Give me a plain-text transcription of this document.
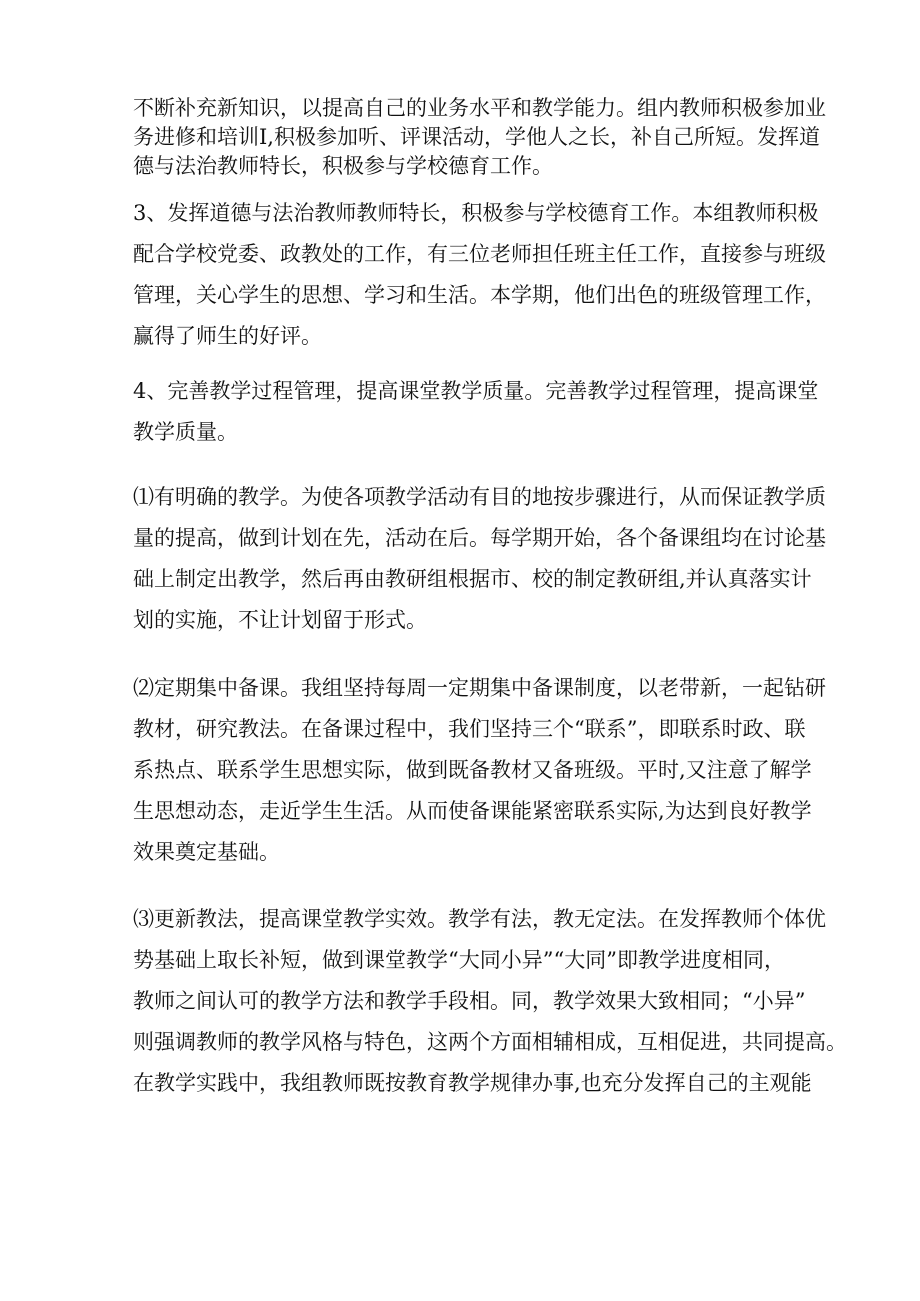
不断补充新知识，以提高自己的业务水平和教学能力。组内教师积极参加业
务进修和培训Ⅰ,积极参加听、评课活动，学他人之长，补自己所短。发挥道
德与法治教师特长，积极参与学校德育工作。
3、发挥道德与法治教师教师特长，积极参与学校德育工作。本组教师积极
配合学校党委、政教处的工作，有三位老师担任班主任工作，直接参与班级
管理，关心学生的思想、学习和生活。本学期，他们出色的班级管理工作，
赢得了师生的好评。
4、完善教学过程管理，提高课堂教学质量。完善教学过程管理，提高课堂
教学质量。
⑴有明确的教学。为使各项教学活动有目的地按步骤进行，从而保证教学质
量的提高，做到计划在先，活动在后。每学期开始，各个备课组均在讨论基
础上制定出教学，然后再由教研组根据市、校的制定教研组,并认真落实计
划的实施，不让计划留于形式。
⑵定期集中备课。我组坚持每周一定期集中备课制度，以老带新，一起钻研
教材，研究教法。在备课过程中，我们坚持三个“联系”，即联系时政、联
系热点、联系学生思想实际，做到既备教材又备班级。平时,又注意了解学
生思想动态，走近学生生活。从而使备课能紧密联系实际,为达到良好教学
效果奠定基础。
⑶更新教法，提高课堂教学实效。教学有法，教无定法。在发挥教师个体优
势基础上取长补短，做到课堂教学“大同小异”“大同”即教学进度相同，
教师之间认可的教学方法和教学手段相。同，教学效果大致相同；“小异”
则强调教师的教学风格与特色，这两个方面相辅相成，互相促进，共同提高。
在教学实践中，我组教师既按教育教学规律办事,也充分发挥自己的主观能
